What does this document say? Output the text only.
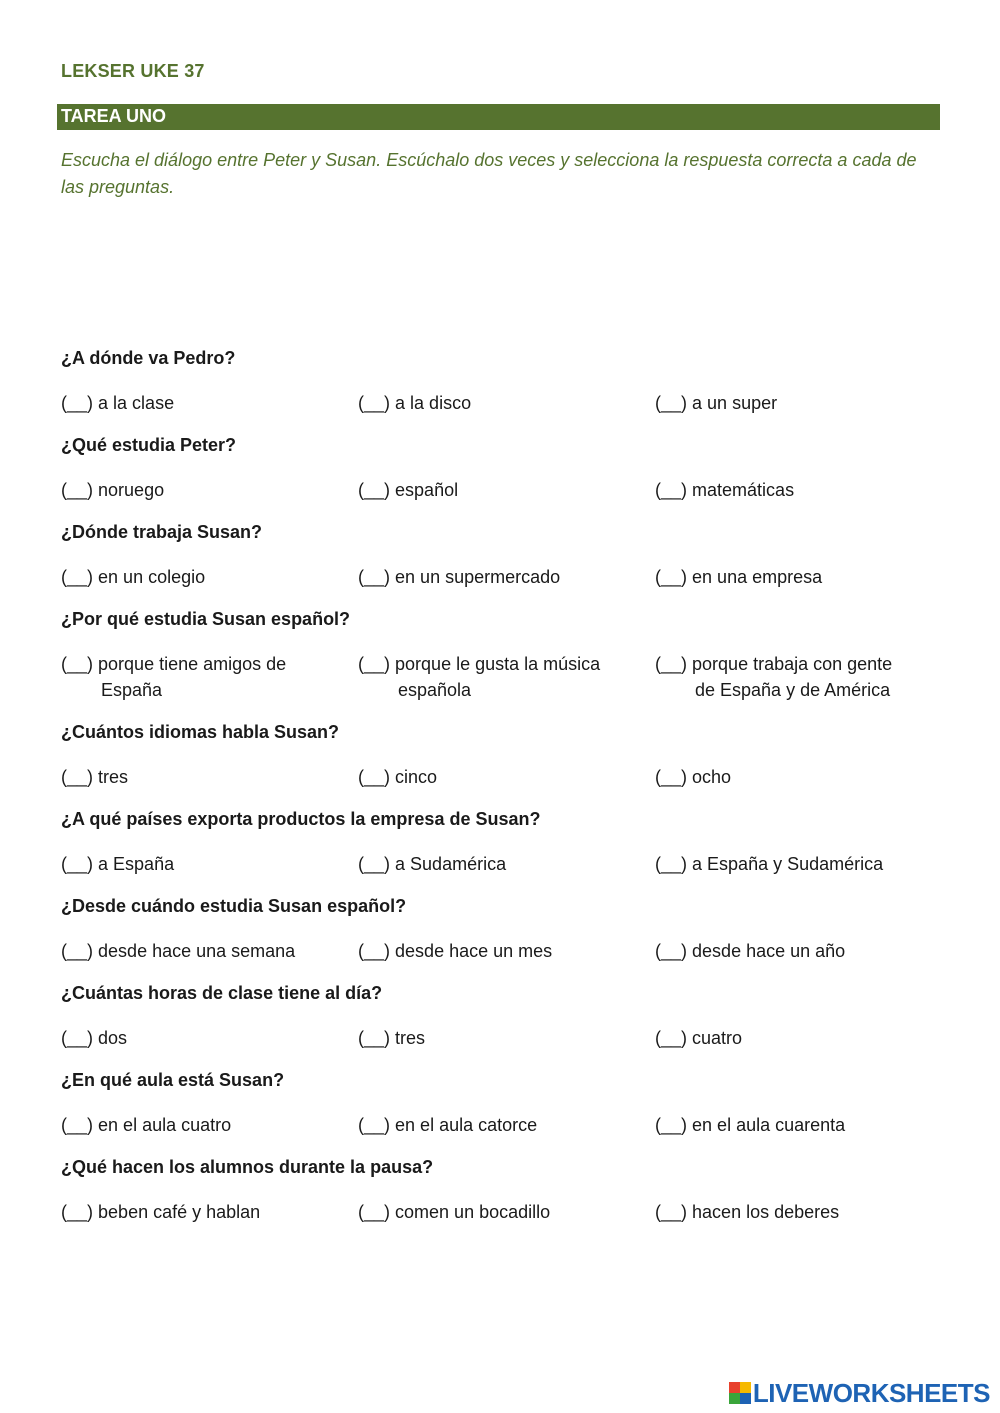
LEKSER UKE 37
TAREA UNO
Escucha el diálogo entre Peter y Susan. Escúchalo dos veces y selecciona la respuesta correcta a cada de las preguntas.
¿A dónde va Pedro?
(__) a la clase	(__) a la disco	(__) a un super
¿Qué estudia Peter?
(__) noruego	(__) español	(__) matemáticas
¿Dónde trabaja Susan?
(__) en un colegio	(__) en un supermercado	(__) en una empresa
¿Por qué estudia Susan español?
(__) porque tiene amigos de
España
(__) porque le gusta la música
española
(__) porque trabaja con gente
de España y de América
¿Cuántos idiomas habla Susan?
(__) tres	(__) cinco	(__) ocho
¿A qué países exporta productos la empresa de Susan?
(__) a España	(__) a Sudamérica	(__) a España y Sudamérica
¿Desde cuándo estudia Susan español?
(__) desde hace una semana	(__) desde hace un mes	(__) desde hace un año
¿Cuántas horas de clase tiene al día?
(__) dos	(__) tres	(__) cuatro
¿En qué aula está Susan?
(__) en el aula cuatro	(__) en el aula catorce	(__) en el aula cuarenta
¿Qué hacen los alumnos durante la pausa?
(__) beben café y hablan	(__) comen un bocadillo	(__) hacen los deberes
LIVEWORKSHEETS
